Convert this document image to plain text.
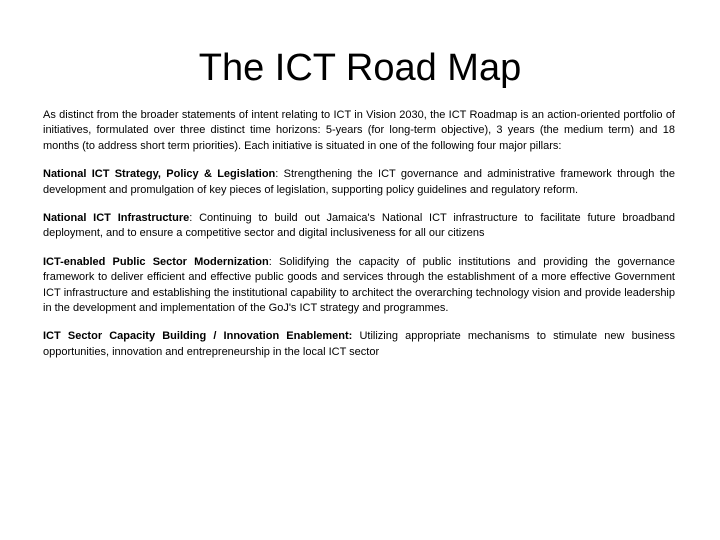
The ICT Road Map

As distinct from the broader statements of intent relating to ICT in Vision 2030, the ICT Roadmap is an action-oriented portfolio of initiatives, formulated over three distinct time horizons: 5-years (for long-term objective), 3 years (the medium term) and 18 months (to address short term priorities). Each initiative is situated in one of the following four major pillars:

National ICT Strategy, Policy & Legislation: Strengthening the ICT governance and administrative framework through the development and promulgation of key pieces of legislation, supporting policy guidelines and regulatory reform.

National ICT Infrastructure: Continuing to build out Jamaica's National ICT infrastructure to facilitate future broadband deployment, and to ensure a competitive sector and digital inclusiveness for all our citizens

ICT-enabled Public Sector Modernization: Solidifying the capacity of public institutions and providing the governance framework to deliver efficient and effective public goods and services through the establishment of a more effective Government ICT infrastructure and establishing the institutional capability to architect the overarching technology vision and provide leadership in the development and implementation of the GoJ's ICT strategy and programmes.

ICT Sector Capacity Building / Innovation Enablement: Utilizing appropriate mechanisms to stimulate new business opportunities, innovation and entrepreneurship in the local ICT sector
